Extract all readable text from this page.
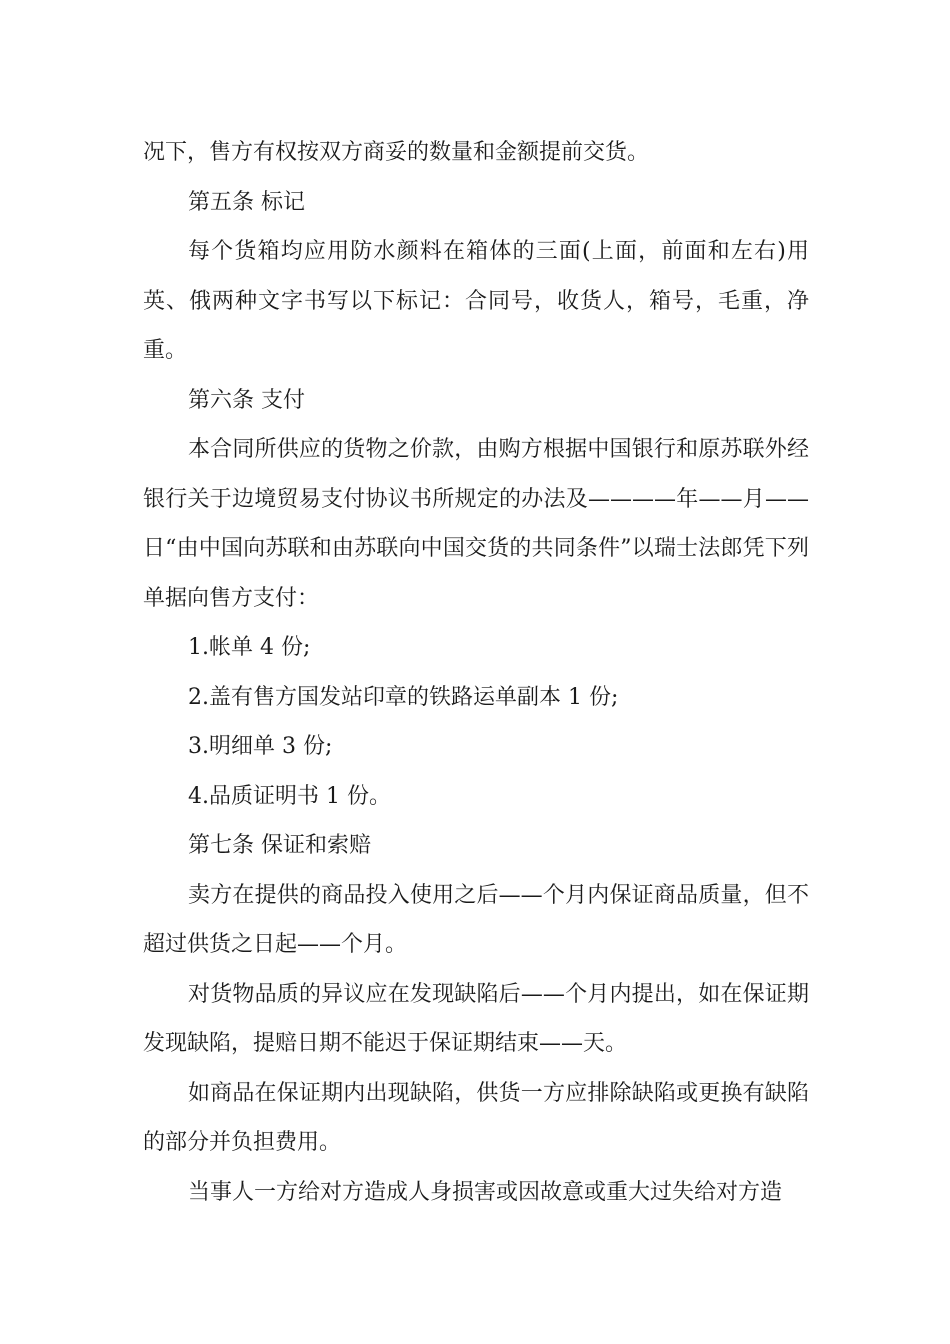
况下，售方有权按双方商妥的数量和金额提前交货。

第五条 标记

每个货箱均应用防水颜料在箱体的三面(上面，前面和左右)用英、俄两种文字书写以下标记：合同号，收货人，箱号，毛重，净重。

第六条 支付

本合同所供应的货物之价款，由购方根据中国银行和原苏联外经银行关于边境贸易支付协议书所规定的办法及————年——月——日“由中国向苏联和由苏联向中国交货的共同条件”以瑞士法郎凭下列单据向售方支付：

1.帐单 4 份;

2.盖有售方国发站印章的铁路运单副本 1 份;

3.明细单 3 份;

4.品质证明书 1 份。

第七条 保证和索赔

卖方在提供的商品投入使用之后——个月内保证商品质量，但不超过供货之日起——个月。

对货物品质的异议应在发现缺陷后——个月内提出，如在保证期发现缺陷，提赔日期不能迟于保证期结束——天。

如商品在保证期内出现缺陷，供货一方应排除缺陷或更换有缺陷的部分并负担费用。

当事人一方给对方造成人身损害或因故意或重大过失给对方造
